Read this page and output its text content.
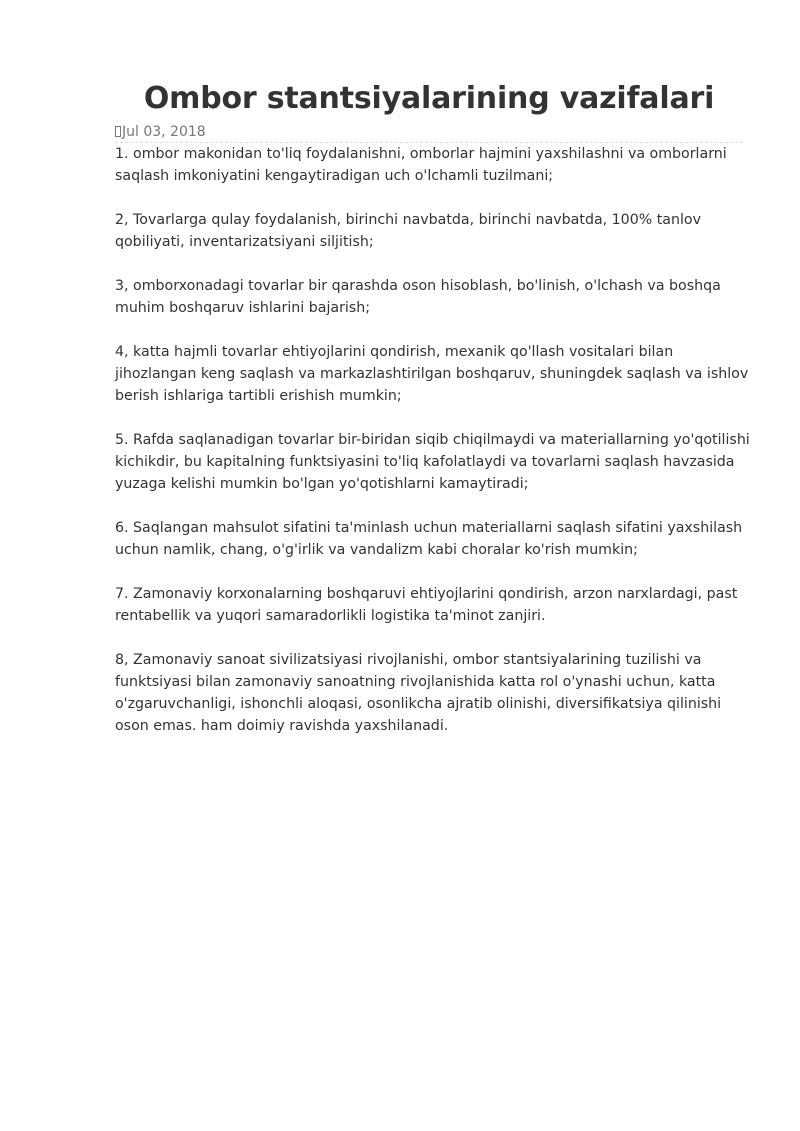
Ombor stantsiyalarining vazifalari
Jul 03, 2018

1. ombor makonidan to'liq foydalanishni, omborlar hajmini yaxshilashni va omborlarni saqlash imkoniyatini kengaytiradigan uch o'lchamli tuzilmani;

2, Tovarlarga qulay foydalanish, birinchi navbatda, birinchi navbatda, 100% tanlov qobiliyati, inventarizatsiyani siljitish;

3, omborxonadagi tovarlar bir qarashda oson hisoblash, bo'linish, o'lchash va boshqa muhim boshqaruv ishlarini bajarish;

4, katta hajmli tovarlar ehtiyojlarini qondirish, mexanik qo'llash vositalari bilan jihozlangan keng saqlash va markazlashtirilgan boshqaruv, shuningdek saqlash va ishlov berish ishlariga tartibli erishish mumkin;

5. Rafda saqlanadigan tovarlar bir-biridan siqib chiqilmaydi va materiallarning yo'qotilishi kichikdir, bu kapitalning funktsiyasini to'liq kafolatlaydi va tovarlarni saqlash havzasida yuzaga kelishi mumkin bo'lgan yo'qotishlarni kamaytiradi;

6. Saqlangan mahsulot sifatini ta'minlash uchun materiallarni saqlash sifatini yaxshilash uchun namlik, chang, o'g'irlik va vandalizm kabi choralar ko'rish mumkin;

7. Zamonaviy korxonalarning boshqaruvi ehtiyojlarini qondirish, arzon narxlardagi, past rentabellik va yuqori samaradorlikli logistika ta'minot zanjiri.

8, Zamonaviy sanoat sivilizatsiyasi rivojlanishi, ombor stantsiyalarining tuzilishi va funktsiyasi bilan zamonaviy sanoatning rivojlanishida katta rol o'ynashi uchun, katta o'zgaruvchanligi, ishonchli aloqasi, osonlikcha ajratib olinishi, diversifikatsiya qilinishi oson emas. ham doimiy ravishda yaxshilanadi.
